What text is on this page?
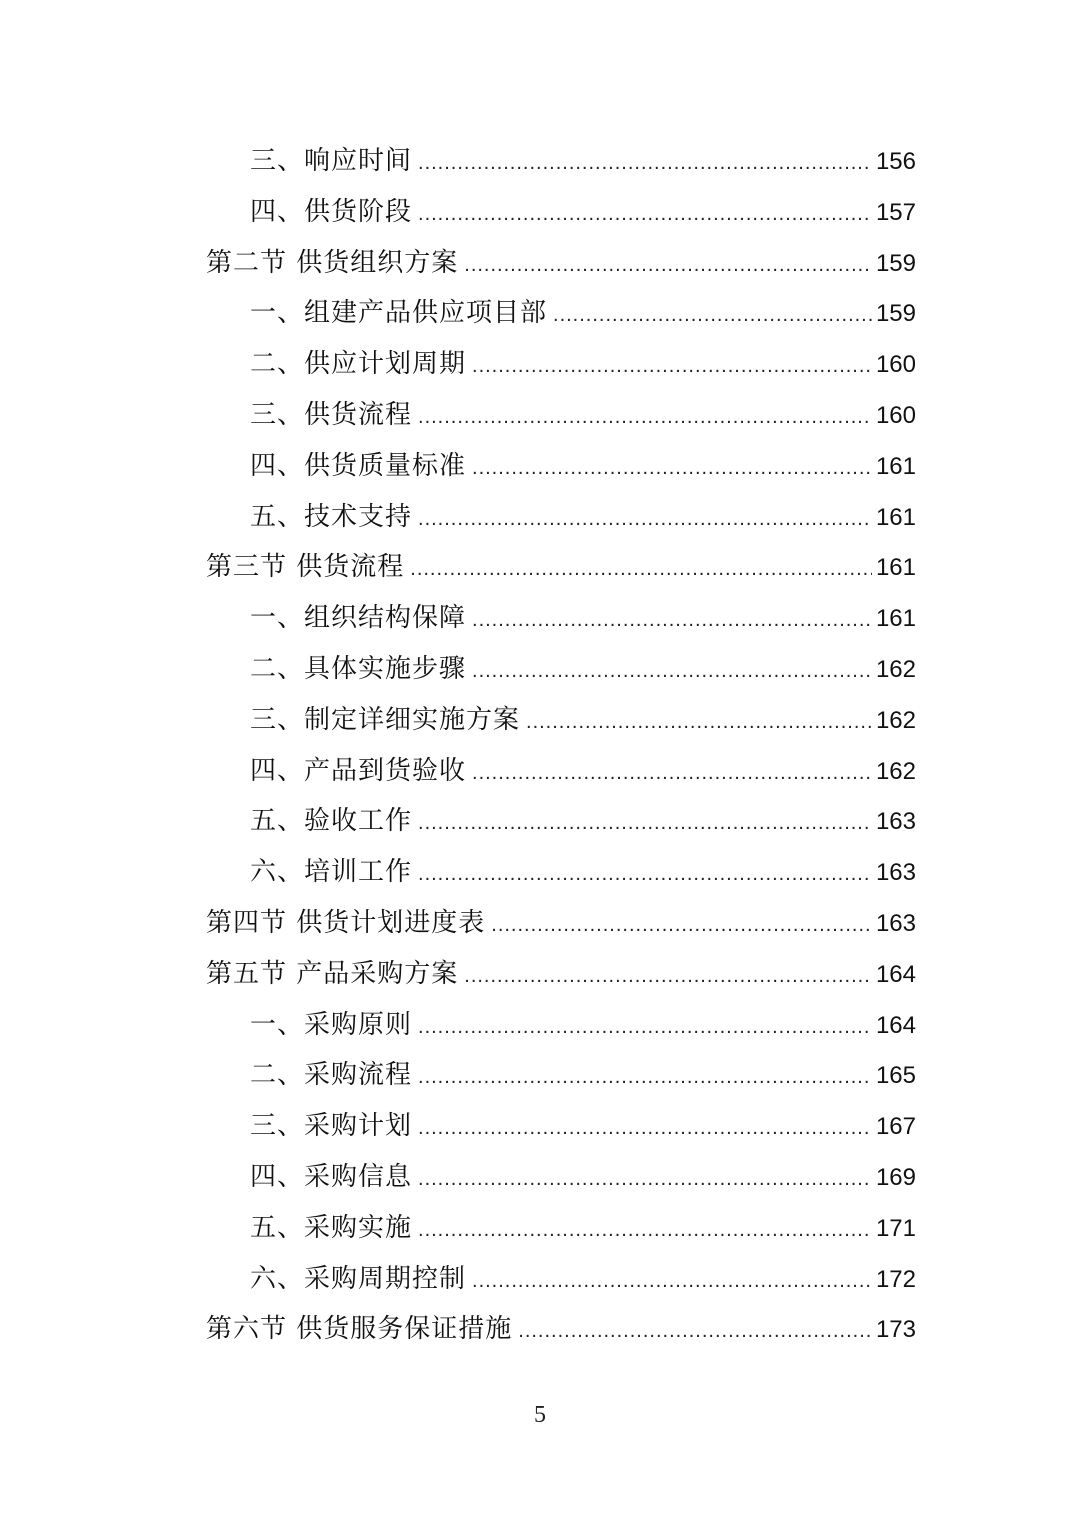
三、响应时间 .....	156
四、供货阶段 .....	157
第二节 供货组织方案 .....	159
一、组建产品供应项目部 .....	159
二、供应计划周期 .....	160
三、供货流程 .....	160
四、供货质量标准 .....	161
五、技术支持 .....	161
第三节 供货流程 .....	161
一、组织结构保障 .....	161
二、具体实施步骤 .....	162
三、制定详细实施方案 .....	162
四、产品到货验收 .....	162
五、验收工作 .....	163
六、培训工作 .....	163
第四节 供货计划进度表 .....	163
第五节 产品采购方案 .....	164
一、采购原则 .....	164
二、采购流程 .....	165
三、采购计划 .....	167
四、采购信息 .....	169
五、采购实施 .....	171
六、采购周期控制 .....	172
第六节 供货服务保证措施 .....	173
5
